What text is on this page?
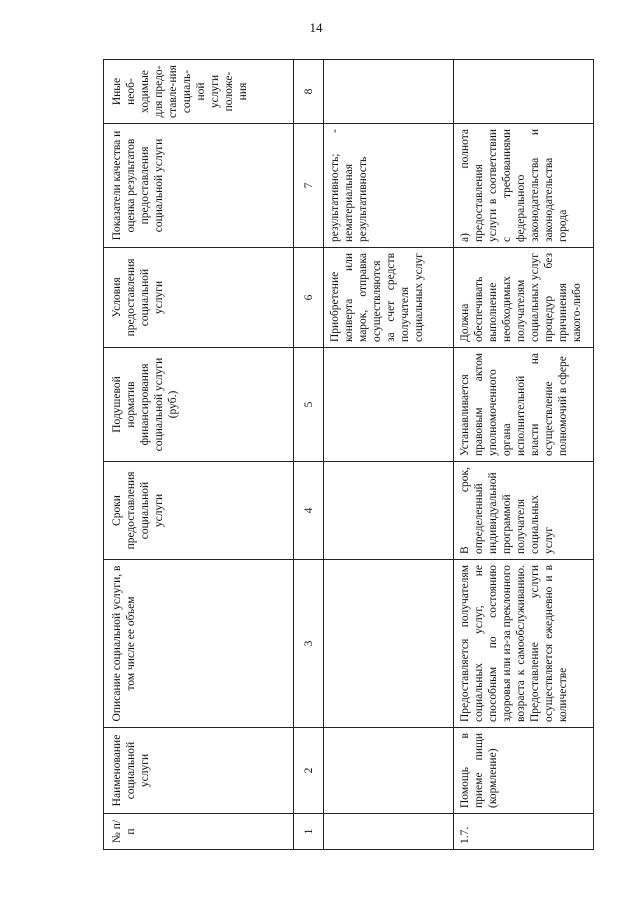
14
№ п/п	Наименование социальной услуги	Описание социальной услуги, в том числе ее объем	Сроки предоставления социальной услуги	Подушевой норматив финансирования социальной услуги (руб.)	Условия предоставления социальной услуги	Показатели качества и оценка результатов предоставления социальной услуги	Иные необ-ходимые для предо-ставле-ния социаль-ной услуги положе-ния
1	2	3	4	5	6	7	8
					Приобретение конверта или марок, отправка осуществляются за счет средств получателя социальных услуг	результативность; - нематериальная результативность	
1.7.	Помощь в приеме пищи (кормление)	Предоставляется получателям социальных услуг, не способным по состоянию здоровья или из-за преклонного возраста к самообслуживанию. Предоставление услуги осуществляется ежедневно и в количестве	В срок, определенный индивидуальной программой получателя социальных услуг	Устанавливается правовым актом уполномоченного органа исполнительной власти на осуществление полномочий в сфере	Должна обеспечивать выполнение необходимых получателям социальных услуг процедур без причинения какого-либо	а) полнота предоставления услуги в соответствии с требованиями федерального законодательства и законодательства города	
